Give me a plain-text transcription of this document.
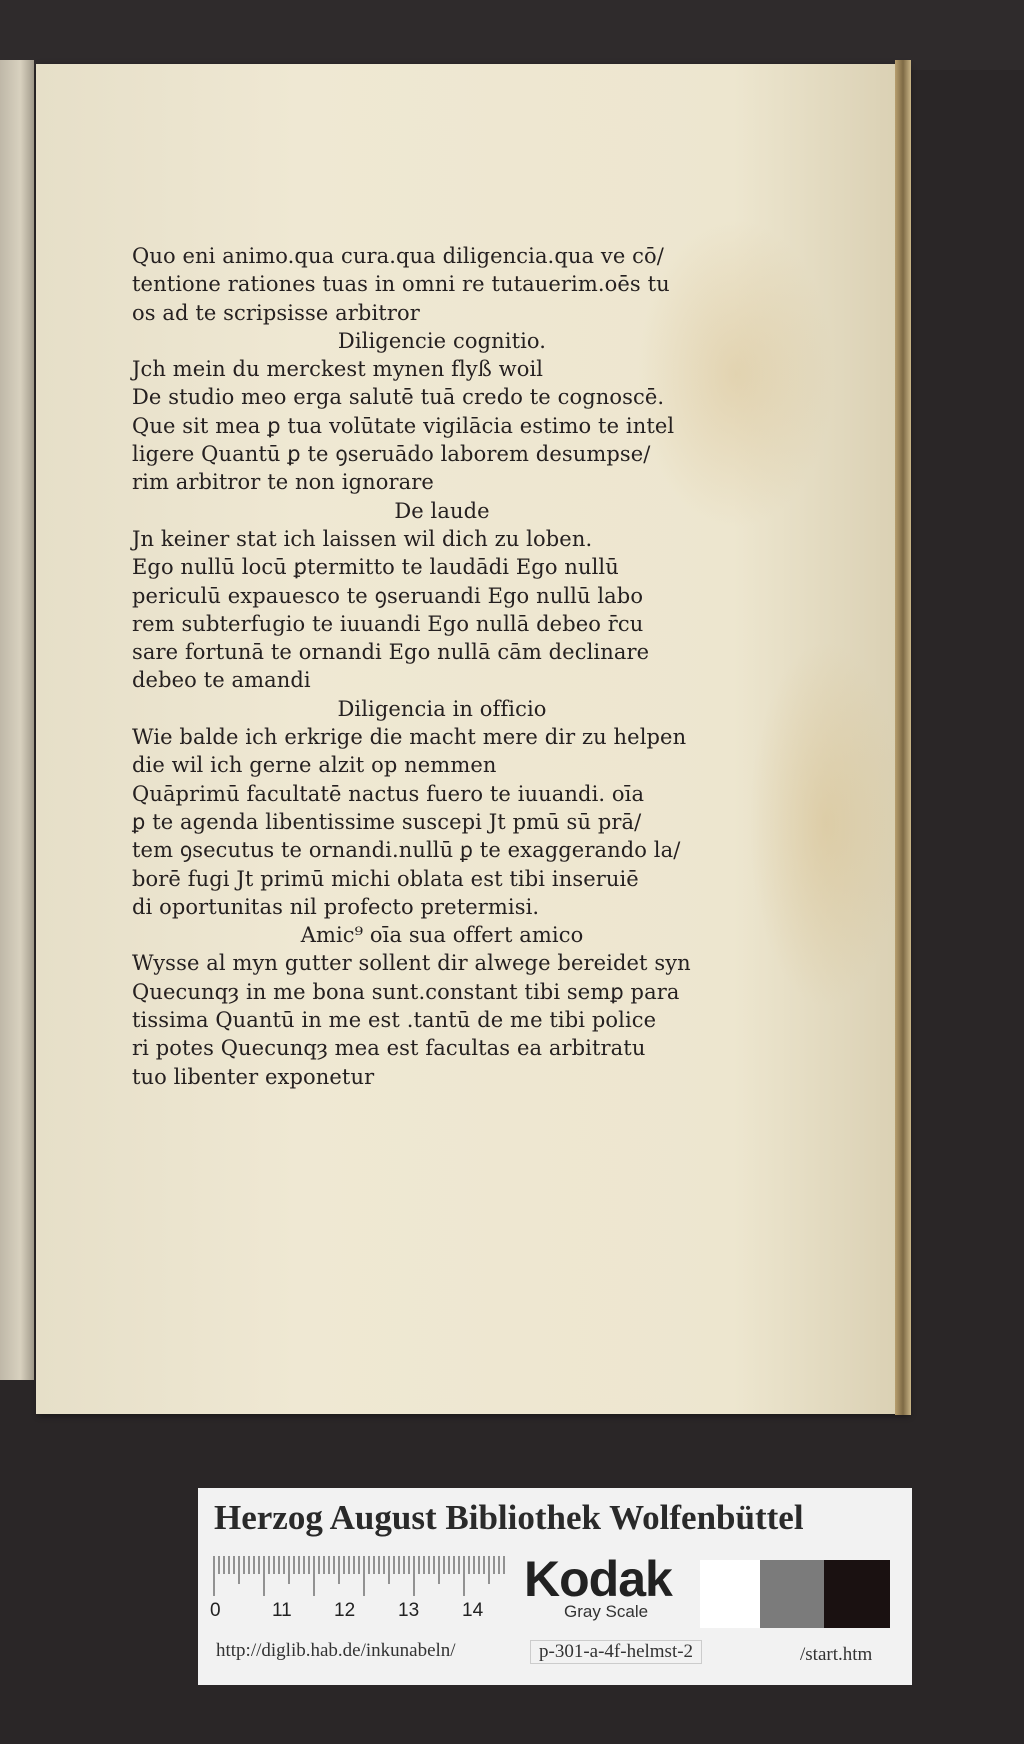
Quo eni animo.qua cura.qua diligencia.qua ve cō/
tentione rationes tuas in omni re tutauerim.oēs tu
os ad te scripsisse arbitror
Diligencie cognitio.
Jch mein du merckest mynen flyß woil
De studio meo erga salutē tuā credo te cognoscē.
Que sit mea ꝑ tua volūtate vigilācia estimo te intel
ligere Quantū ꝑ te ꝯseruādo laborem desumpse/
rim arbitror te non ignorare
De laude
Jn keiner stat ich laissen wil dich zu loben.
Ego nullū locū ꝑtermitto te laudādi Ego nullū
periculū expauesco te ꝯseruandi Ego nullū labo
rem subterfugio te iuuandi Ego nullā debeo r̄cu
sare fortunā te ornandi Ego nullā cām declinare
debeo te amandi
Diligencia in officio
Wie balde ich erkrige die macht mere dir zu helpen
die wil ich gerne alzit op nemmen
Quāprimū facultatē nactus fuero te iuuandi. oīa
ꝑ te agenda libentissime suscepi Jt pmū sū prā/
tem ꝯsecutus te ornandi.nullū ꝑ te exaggerando la/
borē fugi Jt primū michi oblata est tibi inseruiē
di oportunitas nil profecto pretermisi.
Amic⁹ oīa sua offert amico
Wysse al myn gutter sollent dir alwege bereidet syn
Quecunqȝ in me bona sunt.constant tibi semꝑ para
tissima Quantū in me est .tantū de me tibi police
ri potes Quecunqȝ mea est facultas ea arbitratu
tuo libenter exponetur
Herzog August Bibliothek Wolfenbüttel
0	11 12 13 14
Kodak
Gray Scale
http://diglib.hab.de/inkunabeln/	p-301-a-4f-helmst-2	/start.htm
